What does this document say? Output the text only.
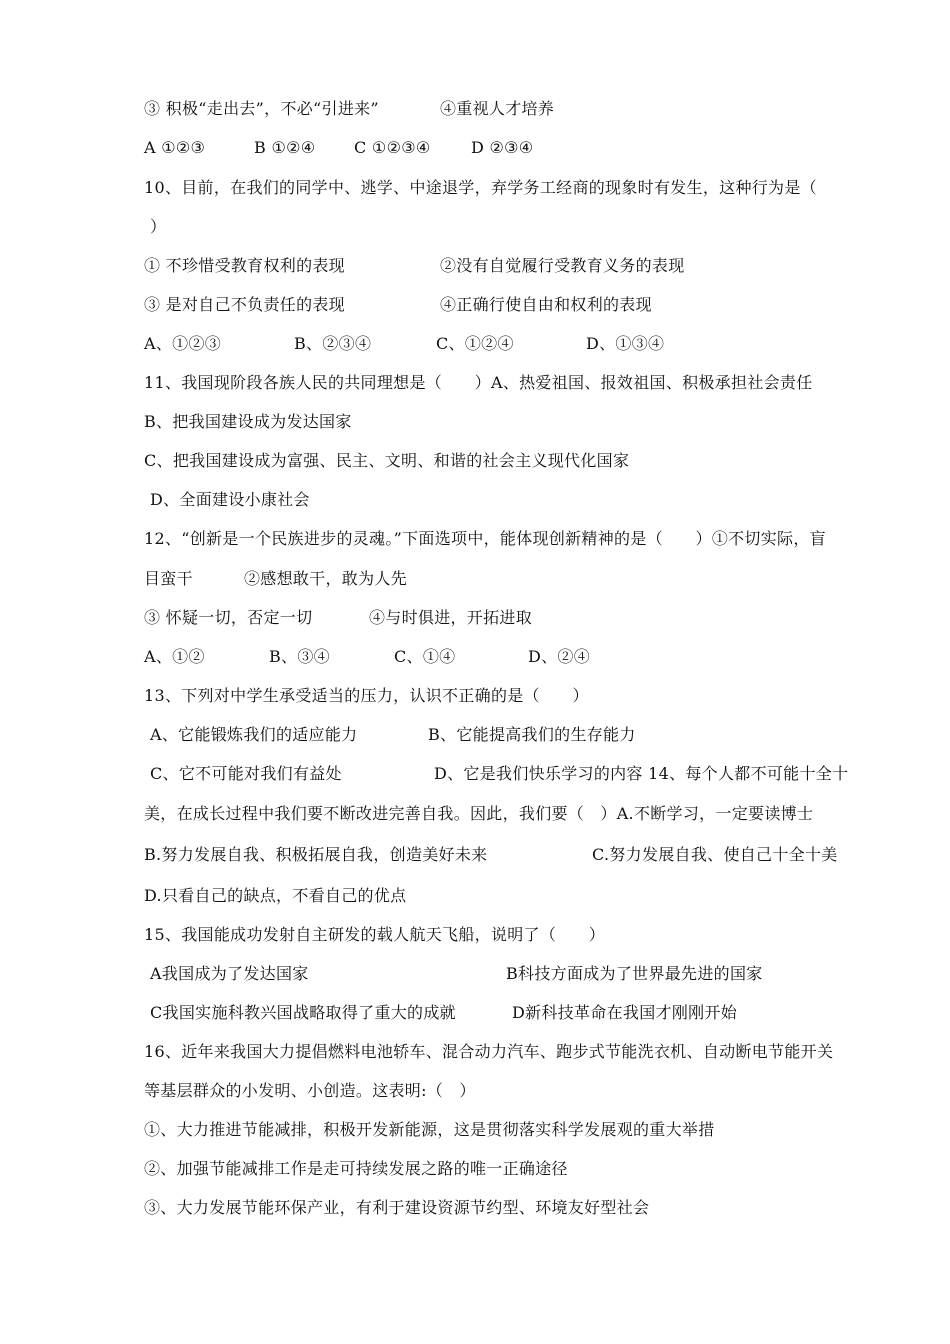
③ 积极“走出去”，不必“引进来”	④重视人才培养
A ①②③	B ①②④ C ①②③④	D ②③④
10、目前，在我们的同学中、逃学、中途退学，弃学务工经商的现象时有发生，这种行为是（
）
① 不珍惜受教育权利的表现	②没有自觉履行受教育义务的表现
③ 是对自己不负责任的表现	④正确行使自由和权利的表现
A、①②③	B、②③④	C、①②④	D、①③④
11、我国现阶段各族人民的共同理想是（　　）A、热爱祖国、报效祖国、积极承担社会责任
B、把我国建设成为发达国家
C、把我国建设成为富强、民主、文明、和谐的社会主义现代化国家
D、全面建设小康社会
12、“创新是一个民族进步的灵魂。”下面选项中，能体现创新精神的是（　　）①不切实际，盲
目蛮干	②感想敢干，敢为人先
③ 怀疑一切，否定一切	④与时俱进，开拓进取
A、①②	B、③④	C、①④	D、②④
13、下列对中学生承受适当的压力，认识不正确的是（　　）
A、它能锻炼我们的适应能力	B、它能提高我们的生存能力
C、它不可能对我们有益处	D、它是我们快乐学习的内容 14、每个人都不可能十全十
美，在成长过程中我们要不断改进完善自我。因此，我们要（　）A.不断学习，一定要读博士
B.努力发展自我、积极拓展自我，创造美好未来	C.努力发展自我、使自己十全十美
D.只看自己的缺点，不看自己的优点
15、我国能成功发射自主研发的载人航天飞船，说明了（　　）
A我国成为了发达国家	B科技方面成为了世界最先进的国家
C我国实施科教兴国战略取得了重大的成就	D新科技革命在我国才刚刚开始
16、近年来我国大力提倡燃料电池轿车、混合动力汽车、跑步式节能洗衣机、自动断电节能开关
等基层群众的小发明、小创造。这表明:（　）
①、大力推进节能减排，积极开发新能源，这是贯彻落实科学发展观的重大举措
②、加强节能减排工作是走可持续发展之路的唯一正确途径
③、大力发展节能环保产业，有利于建设资源节约型、环境友好型社会
